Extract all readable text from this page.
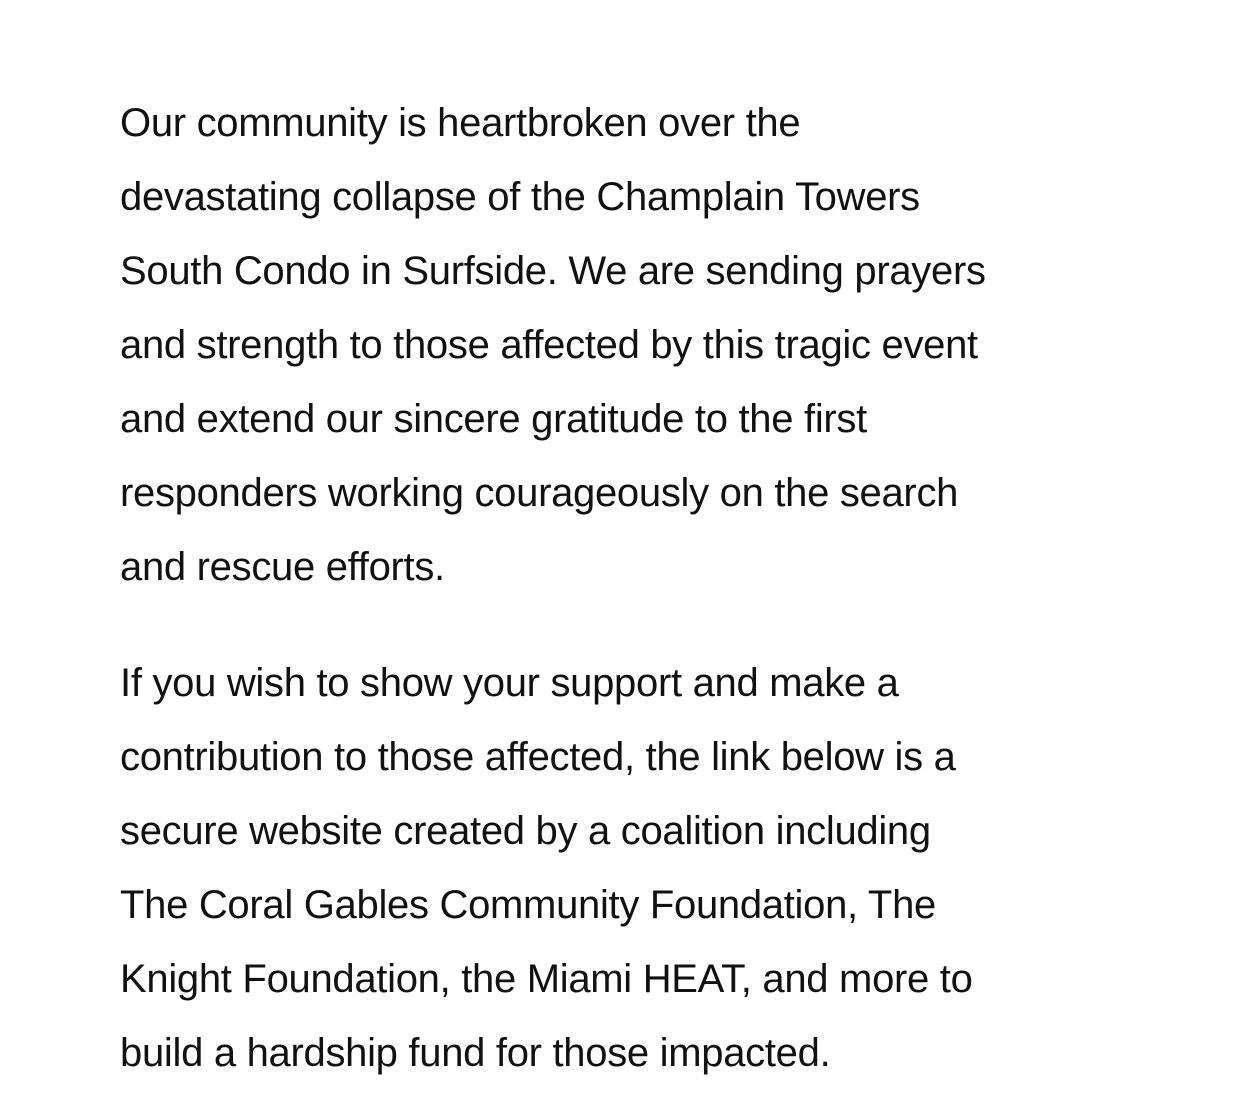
Our community is heartbroken over the
devastating collapse of the Champlain Towers
South Condo in Surfside. We are sending prayers
and strength to those affected by this tragic event
and extend our sincere gratitude to the first
responders working courageously on the search
and rescue efforts.

If you wish to show your support and make a
contribution to those affected, the link below is a
secure website created by a coalition including
The Coral Gables Community Foundation, The
Knight Foundation, the Miami HEAT, and more to
build a hardship fund for those impacted.
